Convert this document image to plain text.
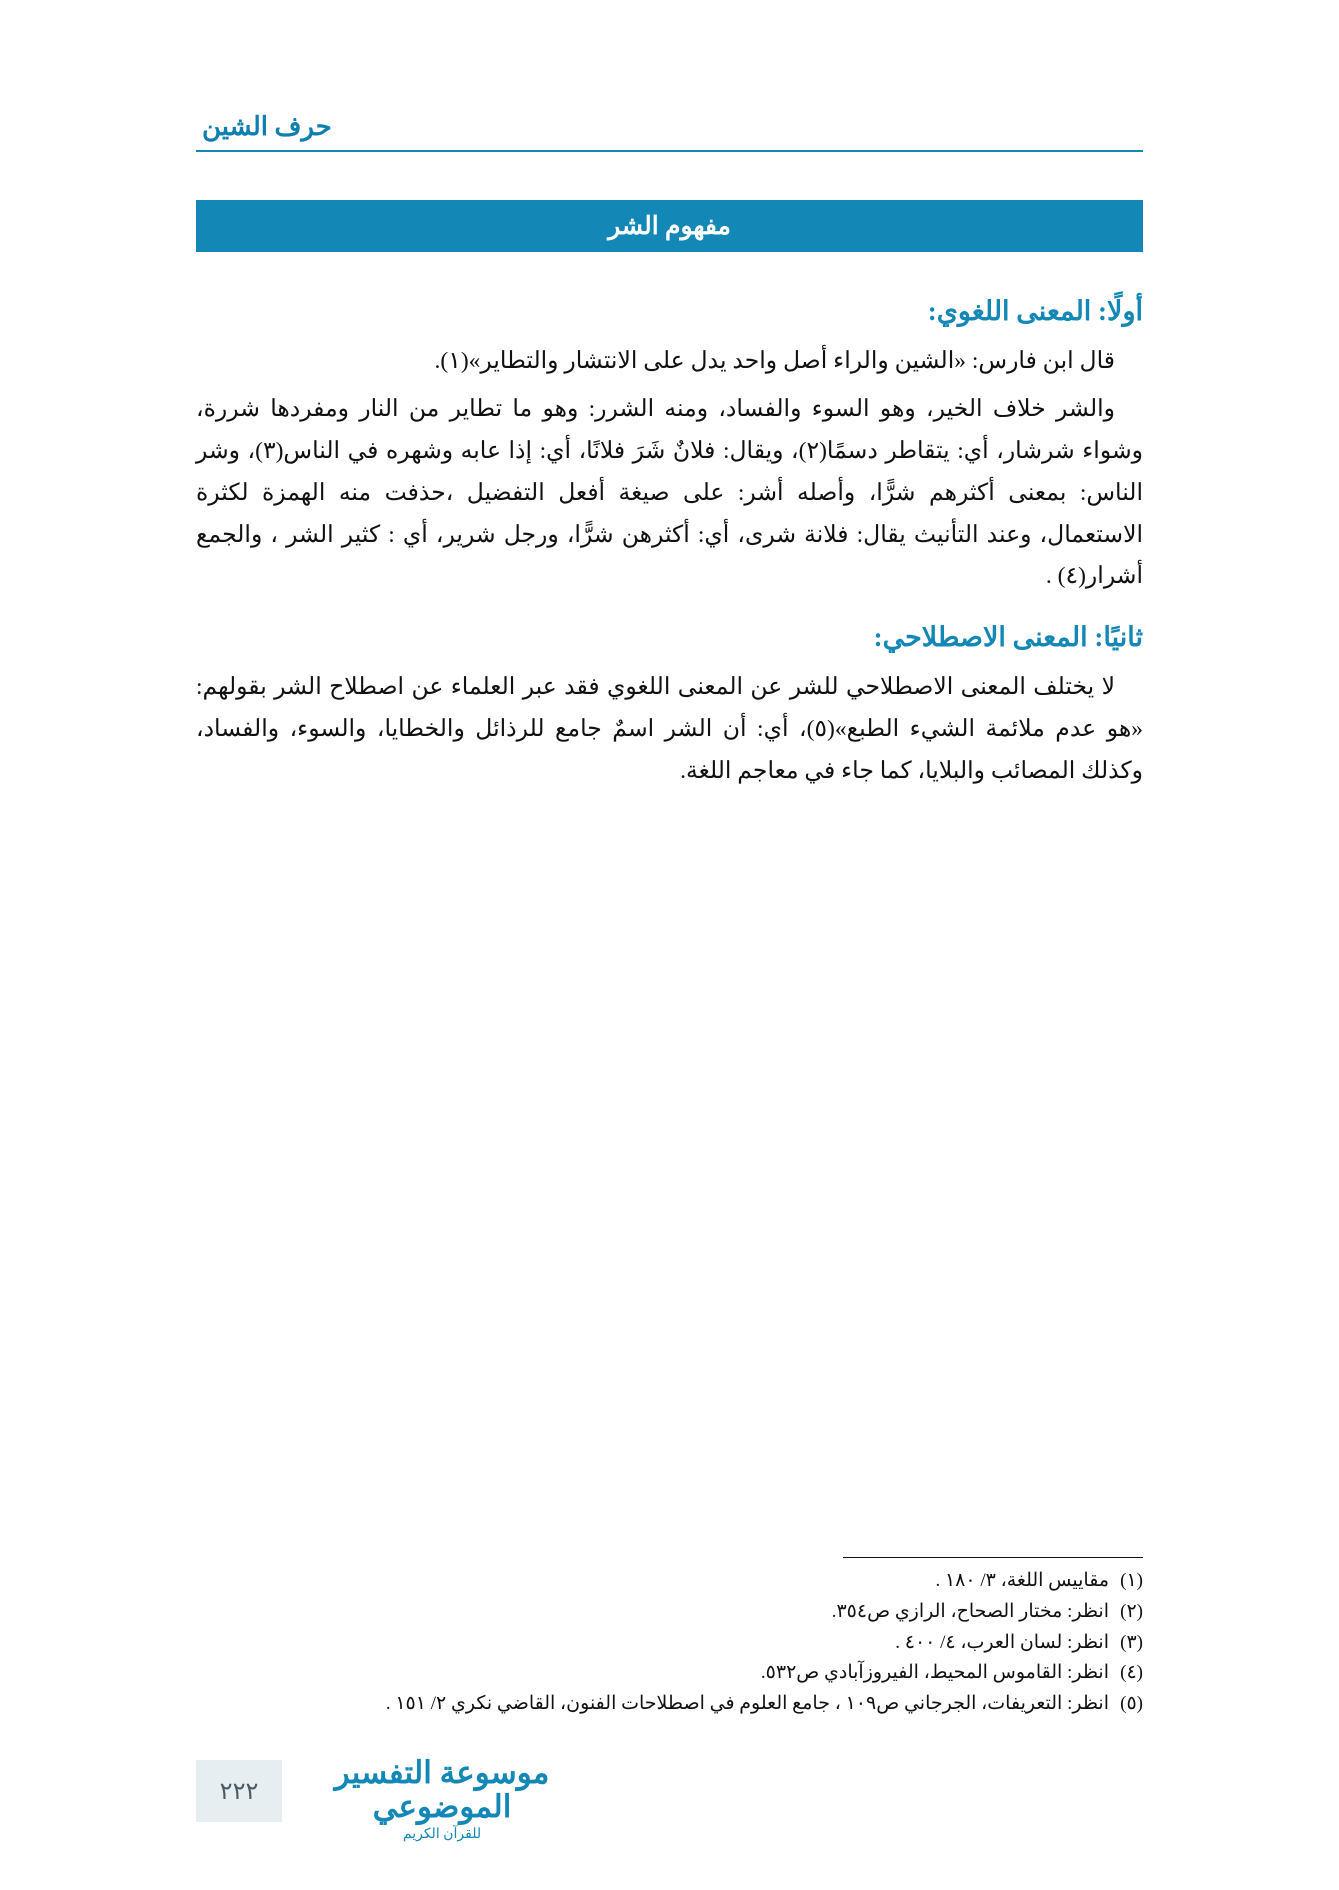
حرف الشين
مفهوم الشر
أولًا: المعنى اللغوي:

قال ابن فارس: «الشين والراء أصل واحد يدل على الانتشار والتطاير»(١).

والشر خلاف الخير، وهو السوء والفساد، ومنه الشرر: وهو ما تطاير من النار ومفردها شررة، وشواء شرشار، أي: يتقاطر دسمًا(٢)، ويقال: فلانٌ شَرَ فلانًا، أي: إذا عابه وشهره في الناس(٣)، وشر الناس: بمعنى أكثرهم شرًّا، وأصله أشر: على صيغة أفعل التفضيل ،حذفت منه الهمزة لكثرة الاستعمال، وعند التأنيث يقال: فلانة شرى، أي: أكثرهن شرًّا، ورجل شرير، أي : كثير الشر ، والجمع أشرار(٤) .

ثانيًا: المعنى الاصطلاحي:

لا يختلف المعنى الاصطلاحي للشر عن المعنى اللغوي فقد عبر العلماء عن اصطلاح الشر بقولهم: «هو عدم ملائمة الشيء الطبع»(٥)، أي: أن الشر اسمٌ جامع للرذائل والخطايا، والسوء، والفساد، وكذلك المصائب والبلايا، كما جاء في معاجم اللغة.

(١)مقاييس اللغة، ٣/ ١٨٠ .
(٢)انظر: مختار الصحاح، الرازي ص٣٥٤.
(٣)انظر: لسان العرب، ٤/ ٤٠٠ .
(٤)انظر: القاموس المحيط، الفيروزآبادي ص٥٣٢.
(٥)انظر: التعريفات، الجرجاني ص١٠٩ ، جامع العلوم في اصطلاحات الفنون، القاضي نكري ٢/ ١٥١ .
٢٢٢
موسوعة التفسير الموضوعي
للقرآن الكريم
